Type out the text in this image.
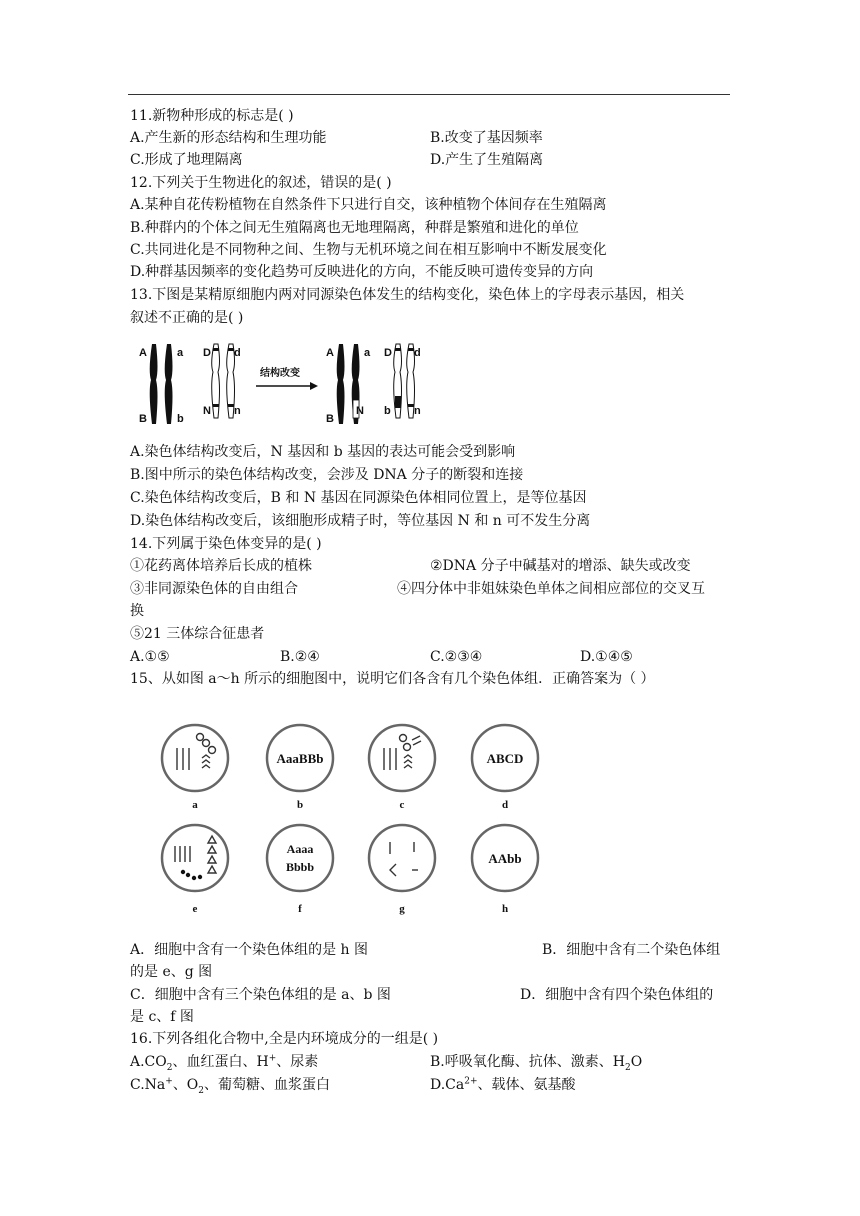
11.新物种形成的标志是( )
A.产生新的形态结构和生理功能	B.改变了基因频率
C.形成了地理隔离	D.产生了生殖隔离
12.下列关于生物进化的叙述，错误的是( )
A.某种自花传粉植物在自然条件下只进行自交，该种植物个体间存在生殖隔离
B.种群内的个体之间无生殖隔离也无地理隔离，种群是繁殖和进化的单位
C.共同进化是不同物种之间、生物与无机环境之间在相互影响中不断发展变化
D.种群基因频率的变化趋势可反映进化的方向，不能反映可遗传变异的方向
13.下图是某精原细胞内两对同源染色体发生的结构变化，染色体上的字母表示基因，相关
叙述不正确的是( )
A
B
a
b
D
N
d
n
结构改变
A
B
a
N
D
b
d
n
A.染色体结构改变后，N 基因和 b 基因的表达可能会受到影响
B.图中所示的染色体结构改变，会涉及 DNA 分子的断裂和连接
C.染色体结构改变后，B 和 N 基因在同源染色体相同位置上，是等位基因
D.染色体结构改变后，该细胞形成精子时，等位基因 N 和 n 可不发生分离
14.下列属于染色体变异的是( )
①花药离体培养后长成的植株	②DNA 分子中碱基对的增添、缺失或改变
③非同源染色体的自由组合	④四分体中非姐妹染色单体之间相应部位的交叉互
换
⑤21 三体综合征患者
A.①⑤	B.②④	C.②③④	D.①④⑤
15、从如图 a～h 所示的细胞图中，说明它们各含有几个染色体组．正确答案为（ ）
AaaBBb	ABCD
Aaaa
Bbbb
AAbb
a	b	c	d
e	f	g	h
A．细胞中含有一个染色体组的是 h 图	B．细胞中含有二个染色体组
的是 e、g 图
C．细胞中含有三个染色体组的是 a、b 图	D．细胞中含有四个染色体组的
是 c、f 图
16.下列各组化合物中,全是内环境成分的一组是( )
$A.CO_2$、血红蛋白、H+、尿素	B.呼吸氧化酶、抗体、激素、$H_2O$
C.Na+、$O_2$、葡萄糖、血浆蛋白	$D.Ca^{2+}$、载体、氨基酸
